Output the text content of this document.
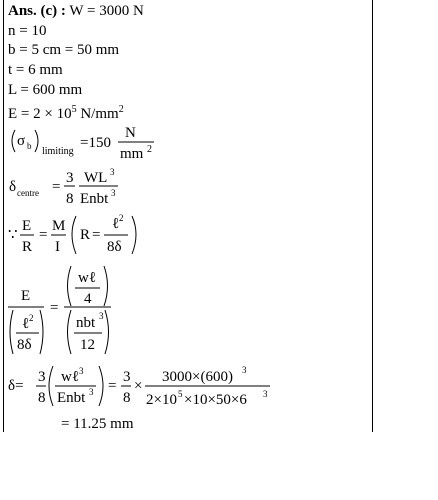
Ans. (c) : W = 3000 N
n = 10
b = 5 cm = 50 mm
t = 6 mm
L = 600 mm
$E = 2 \times 10^5$ $N/mm^2$
σ b limiting
=150
N
mm 2
δ centre =
3
8
WL 3
Enbt 3
∵
E
R
=
M
I
R =
ℓ 2
8δ
E
ℓ 2
8δ
=
wℓ
4
nbt 3
12
δ=
3
8
wℓ 3
Enbt 3 =
3
8
×
3000×(600) 3
2×10 5 ×10×50×6 3
= 11.25 mm
